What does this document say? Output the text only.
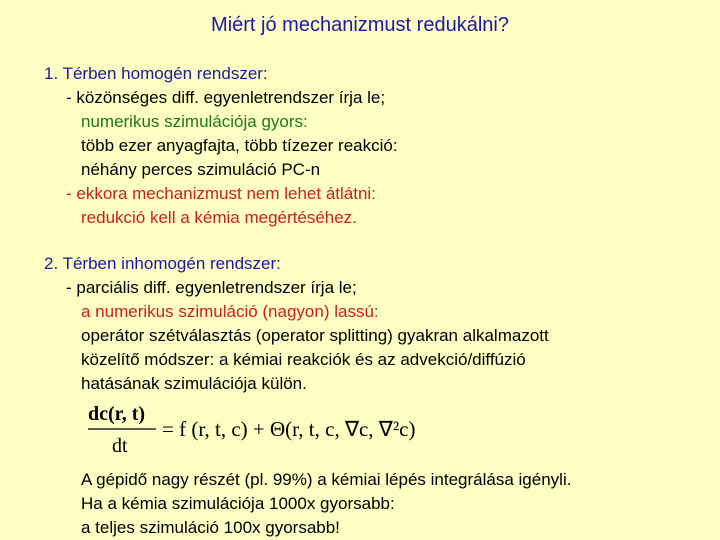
Miért jó mechanizmust redukálni?
1. Térben homogén rendszer:
- közönséges diff. egyenletrendszer írja le;
numerikus szimulációja gyors:
több ezer anyagfajta, több tízezer reakció:
néhány perces szimuláció PC-n
- ekkora mechanizmust nem lehet átlátni:
redukció kell a kémia megértéséhez.
2. Térben inhomogén rendszer:
- parciális diff. egyenletrendszer írja le;
a numerikus szimuláció (nagyon) lassú:
operátor szétválasztás (operator splitting) gyakran alkalmazott
közelítő módszer: a kémiai reakciók és az advekció/diffúzió
hatásának szimulációja külön.
dc(r, t)
dt
= f (r, t, c) + Θ(r, t, c, ∇c, ∇²c)
A gépidő nagy részét (pl. 99%) a kémiai lépés integrálása igényli.
Ha a kémia szimulációja 1000x gyorsabb:
a teljes szimuláció 100x gyorsabb!
